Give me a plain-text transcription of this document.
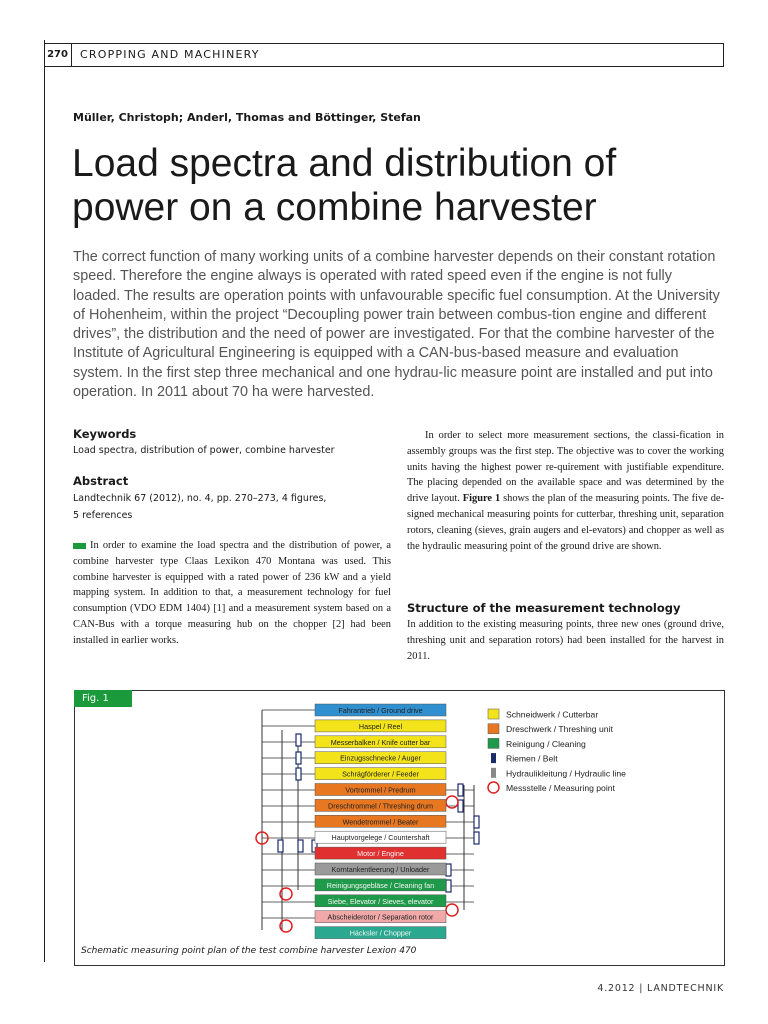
270	CROPPING AND MACHINERY
Müller, Christoph; Anderl, Thomas and Böttinger, Stefan
Load spectra and distribution of power on a combine harvester
The correct function of many working units of a combine harvester depends on their constant rotation speed. Therefore the engine always is operated with rated speed even if the engine is not fully loaded. The results are operation points with unfavourable specific fuel consumption. At the University of Hohenheim, within the project “Decoupling power train between combus-tion engine and different drives”, the distribution and the need of power are investigated. For that the combine harvester of the Institute of Agricultural Engineering is equipped with a CAN-bus-based measure and evaluation system. In the first step three mechanical and one hydrau-lic measure point are installed and put into operation. In 2011 about 70 ha were harvested.
Keywords
Load spectra, distribution of power, combine harvester
Abstract
Landtechnik 67 (2012), no. 4, pp. 270–273, 4 figures,
5 references
In order to examine the load spectra and the distribution of power, a combine harvester type Claas Lexikon 470 Montana was used. This combine harvester is equipped with a rated power of 236 kW and a yield mapping system. In addition to that, a measurement technology for fuel consumption (VDO EDM 1404) [1] and a measurement system based on a CAN-Bus with a torque measuring hub on the chopper [2] had been installed in earlier works.
In order to select more measurement sections, the classi-fication in assembly groups was the first step. The objective was to cover the working units having the highest power re-quirement with justifiable expenditure. The placing depended on the available space and was determined by the drive layout. Figure 1 shows the plan of the measuring points. The five de-signed mechanical measuring points for cutterbar, threshing unit, separation rotors, cleaning (sieves, grain augers and el-evators) and chopper as well as the hydraulic measuring point of the ground drive are shown.
Structure of the measurement technology
In addition to the existing measuring points, three new ones (ground drive, threshing unit and separation rotors) had been installed for the harvest in 2011.
Fig. 1
Fahrantrieb / Ground drive
Haspel / Reel
Messerbalken / Knife cutter bar
Einzugsschnecke / Auger
Schrägförderer / Feeder
Vortrommel / Predrum
Dreschtrommel / Threshing drum
Wendetrommel / Beater
Hauptvorgelege / Countershaft
Motor / Engine
Korntankentleerung / Unloader
Reinigungsgebläse / Cleaning fan
Siebe, Elevator / Sieves, elevator
Abscheiderotor / Separation rotor
Häcksler / Chopper
Schneidwerk / Cutterbar
Dreschwerk / Threshing unit
Reinigung / Cleaning
Riemen / Belt
Hydraulikleitung / Hydraulic line
Messstelle / Measuring point
Schematic measuring point plan of the test combine harvester Lexion 470
4.2012 | LANDTECHNIK
